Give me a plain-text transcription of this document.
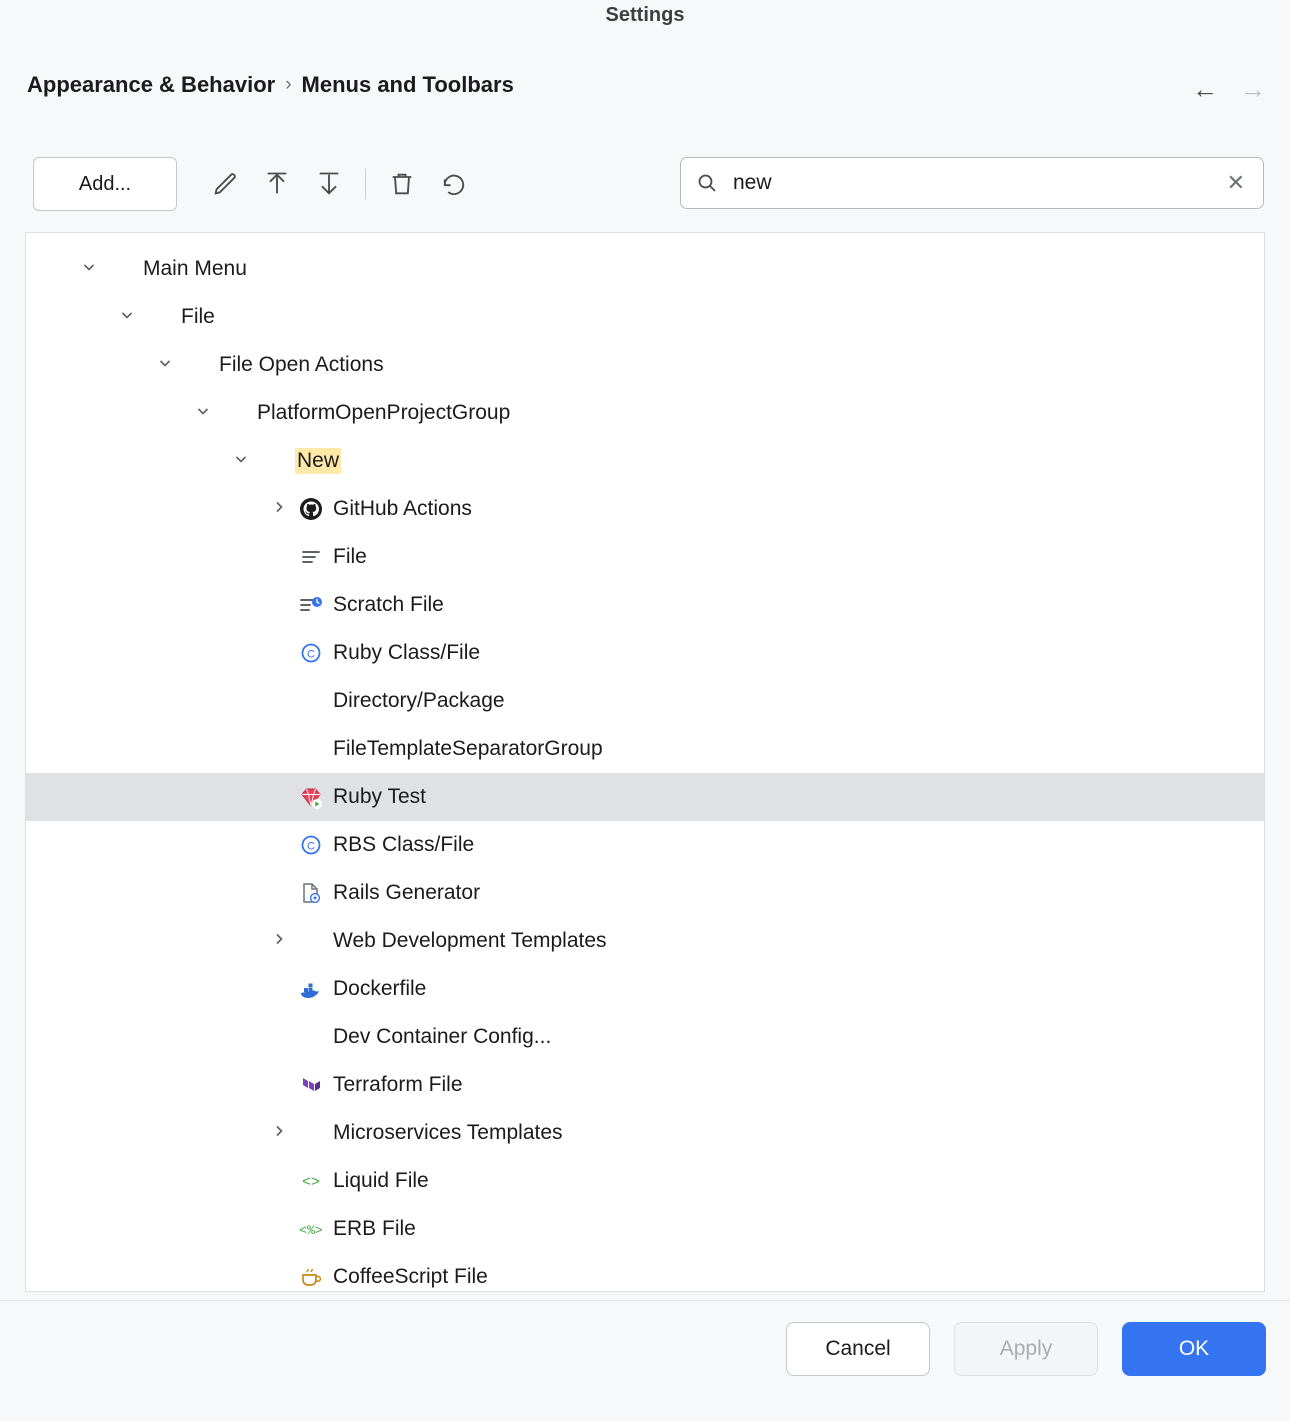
Settings
Appearance & Behavior › Menus and Toolbars	← →
Add...
new	✕
Main Menu
File
File Open Actions
PlatformOpenProjectGroup
New
GitHub Actions
File
Scratch File
C Ruby Class/File
Directory/Package
FileTemplateSeparatorGroup
Ruby Test
C RBS Class/File
Rails Generator
Web Development Templates
Dockerfile
Dev Container Config...
Terraform File
Microservices Templates
<> Liquid File
<%> ERB File
CoffeeScript File
Cancel	Apply	OK
